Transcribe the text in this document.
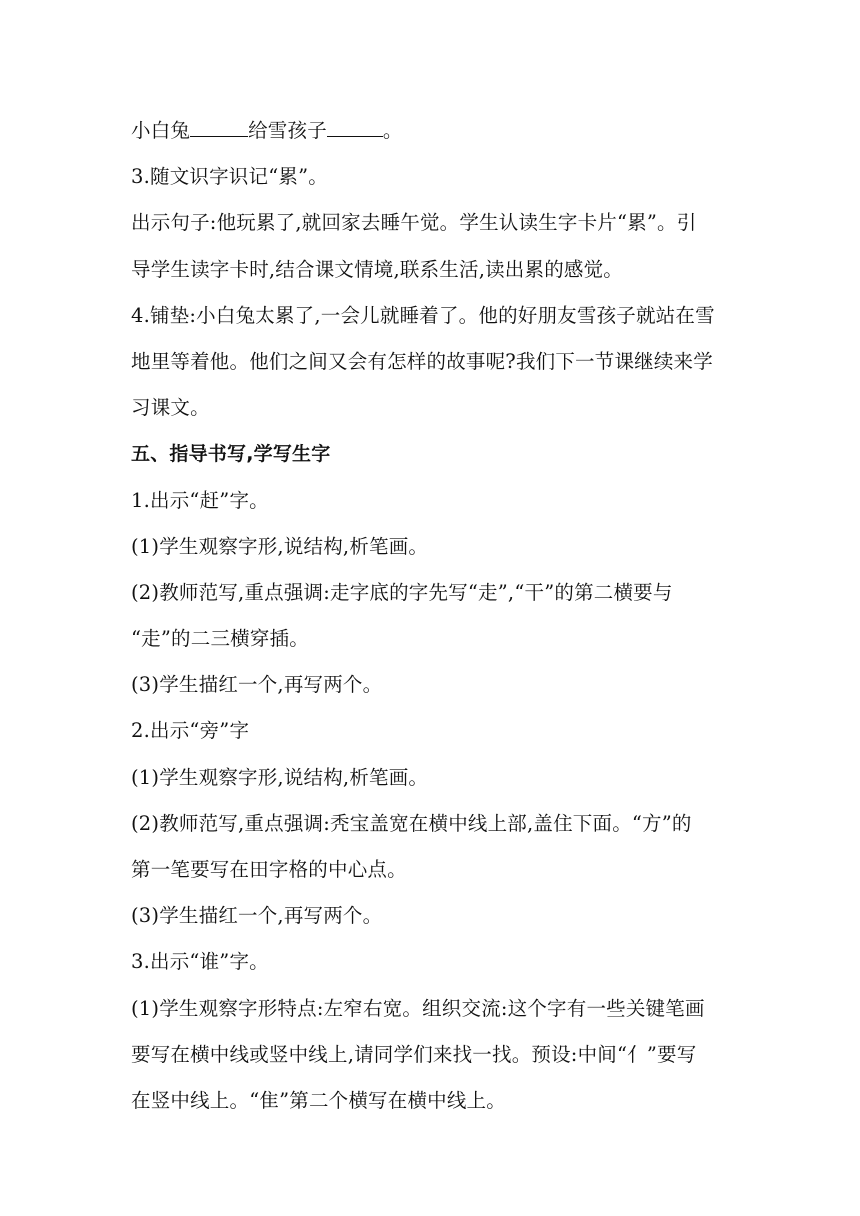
小白兔	给雪孩子	。
3.随文识字识记“累”。
出示句子:他玩累了,就回家去睡午觉。学生认读生字卡片“累”。引
导学生读字卡时,结合课文情境,联系生活,读出累的感觉。
4.铺垫:小白兔太累了,一会儿就睡着了。他的好朋友雪孩子就站在雪
地里等着他。他们之间又会有怎样的故事呢?我们下一节课继续来学
习课文。
五、指导书写,学写生字
1.出示“赶”字。
(1)学生观察字形,说结构,析笔画。
(2)教师范写,重点强调:走字底的字先写“走”,“干”的第二横要与
“走”的二三横穿插。
(3)学生描红一个,再写两个。
2.出示“旁”字
(1)学生观察字形,说结构,析笔画。
(2)教师范写,重点强调:秃宝盖宽在横中线上部,盖住下面。“方”的
第一笔要写在田字格的中心点。
(3)学生描红一个,再写两个。
3.出示“谁”字。
(1)学生观察字形特点:左窄右宽。组织交流:这个字有一些关键笔画
要写在横中线或竖中线上,请同学们来找一找。预设:中间“亻”要写
在竖中线上。“隹”第二个横写在横中线上。
